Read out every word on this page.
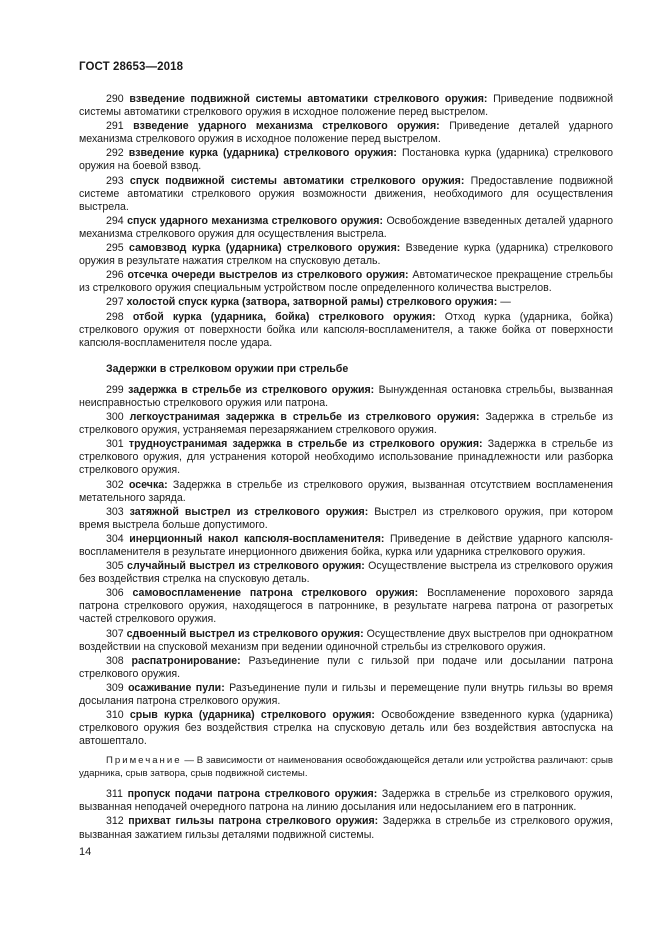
ГОСТ 28653—2018

290 взведение подвижной системы автоматики стрелкового оружия: Приведение подвижной системы автоматики стрелкового оружия в исходное положение перед выстрелом.

291 взведение ударного механизма стрелкового оружия: Приведение деталей ударного механизма стрелкового оружия в исходное положение перед выстрелом.

292 взведение курка (ударника) стрелкового оружия: Постановка курка (ударника) стрелкового оружия на боевой взвод.

293 спуск подвижной системы автоматики стрелкового оружия: Предоставление подвижной системе автоматики стрелкового оружия возможности движения, необходимого для осуществления выстрела.

294 спуск ударного механизма стрелкового оружия: Освобождение взведенных деталей ударного механизма стрелкового оружия для осуществления выстрела.

295 самовзвод курка (ударника) стрелкового оружия: Взведение курка (ударника) стрелкового оружия в результате нажатия стрелком на спусковую деталь.

296 отсечка очереди выстрелов из стрелкового оружия: Автоматическое прекращение стрельбы из стрелкового оружия специальным устройством после определенного количества выстрелов.

297 холостой спуск курка (затвора, затворной рамы) стрелкового оружия: —

298 отбой курка (ударника, бойка) стрелкового оружия: Отход курка (ударника, бойка) стрелкового оружия от поверхности бойка или капсюля-воспламенителя, а также бойка от поверхности капсюля-воспламенителя после удара.

Задержки в стрелковом оружии при стрельбе

299 задержка в стрельбе из стрелкового оружия: Вынужденная остановка стрельбы, вызванная неисправностью стрелкового оружия или патрона.

300 легкоустранимая задержка в стрельбе из стрелкового оружия: Задержка в стрельбе из стрелкового оружия, устраняемая перезаряжанием стрелкового оружия.

301 трудноустранимая задержка в стрельбе из стрелкового оружия: Задержка в стрельбе из стрелкового оружия, для устранения которой необходимо использование принадлежности или разборка стрелкового оружия.

302 осечка: Задержка в стрельбе из стрелкового оружия, вызванная отсутствием воспламенения метательного заряда.

303 затяжной выстрел из стрелкового оружия: Выстрел из стрелкового оружия, при котором время выстрела больше допустимого.

304 инерционный накол капсюля-воспламенителя: Приведение в действие ударного капсюля-воспламенителя в результате инерционного движения бойка, курка или ударника стрелкового оружия.

305 случайный выстрел из стрелкового оружия: Осуществление выстрела из стрелкового оружия без воздействия стрелка на спусковую деталь.

306 самовоспламенение патрона стрелкового оружия: Воспламенение порохового заряда патрона стрелкового оружия, находящегося в патроннике, в результате нагрева патрона от разогретых частей стрелкового оружия.

307 сдвоенный выстрел из стрелкового оружия: Осуществление двух выстрелов при однократном воздействии на спусковой механизм при ведении одиночной стрельбы из стрелкового оружия.

308 распатронирование: Разъединение пули с гильзой при подаче или досылании патрона стрелкового оружия.

309 осаживание пули: Разъединение пули и гильзы и перемещение пули внутрь гильзы во время досылания патрона стрелкового оружия.

310 срыв курка (ударника) стрелкового оружия: Освобождение взведенного курка (ударника) стрелкового оружия без воздействия стрелка на спусковую деталь или без воздействия автоспуска на автошептало.

Примечание — В зависимости от наименования освобождающейся детали или устройства различают: срыв ударника, срыв затвора, срыв подвижной системы.

311 пропуск подачи патрона стрелкового оружия: Задержка в стрельбе из стрелкового оружия, вызванная неподачей очередного патрона на линию досылания или недосыланием его в патронник.

312 прихват гильзы патрона стрелкового оружия: Задержка в стрельбе из стрелкового оружия, вызванная зажатием гильзы деталями подвижной системы.

14
